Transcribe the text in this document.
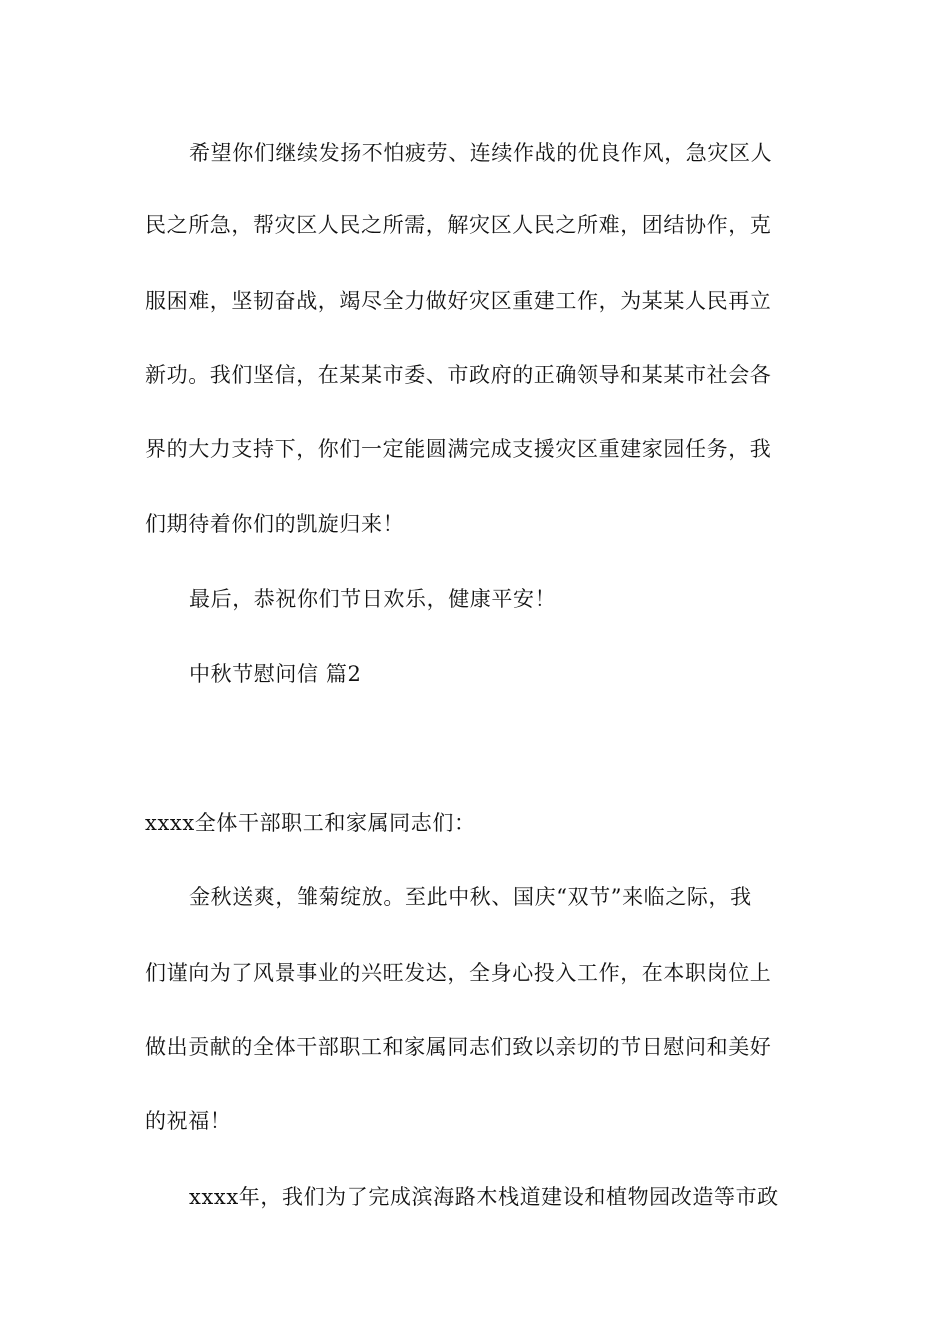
希望你们继续发扬不怕疲劳、连续作战的优良作风，急灾区人
民之所急，帮灾区人民之所需，解灾区人民之所难，团结协作，克
服困难，坚韧奋战，竭尽全力做好灾区重建工作，为某某人民再立
新功。我们坚信，在某某市委、市政府的正确领导和某某市社会各
界的大力支持下，你们一定能圆满完成支援灾区重建家园任务，我
们期待着你们的凯旋归来！
最后，恭祝你们节日欢乐，健康平安！
中秋节慰问信 篇2
xxxx全体干部职工和家属同志们：
金秋送爽，雏菊绽放。至此中秋、国庆“双节”来临之际，我
们谨向为了风景事业的兴旺发达，全身心投入工作，在本职岗位上
做出贡献的全体干部职工和家属同志们致以亲切的节日慰问和美好
的祝福！
xxxx年，我们为了完成滨海路木栈道建设和植物园改造等市政
